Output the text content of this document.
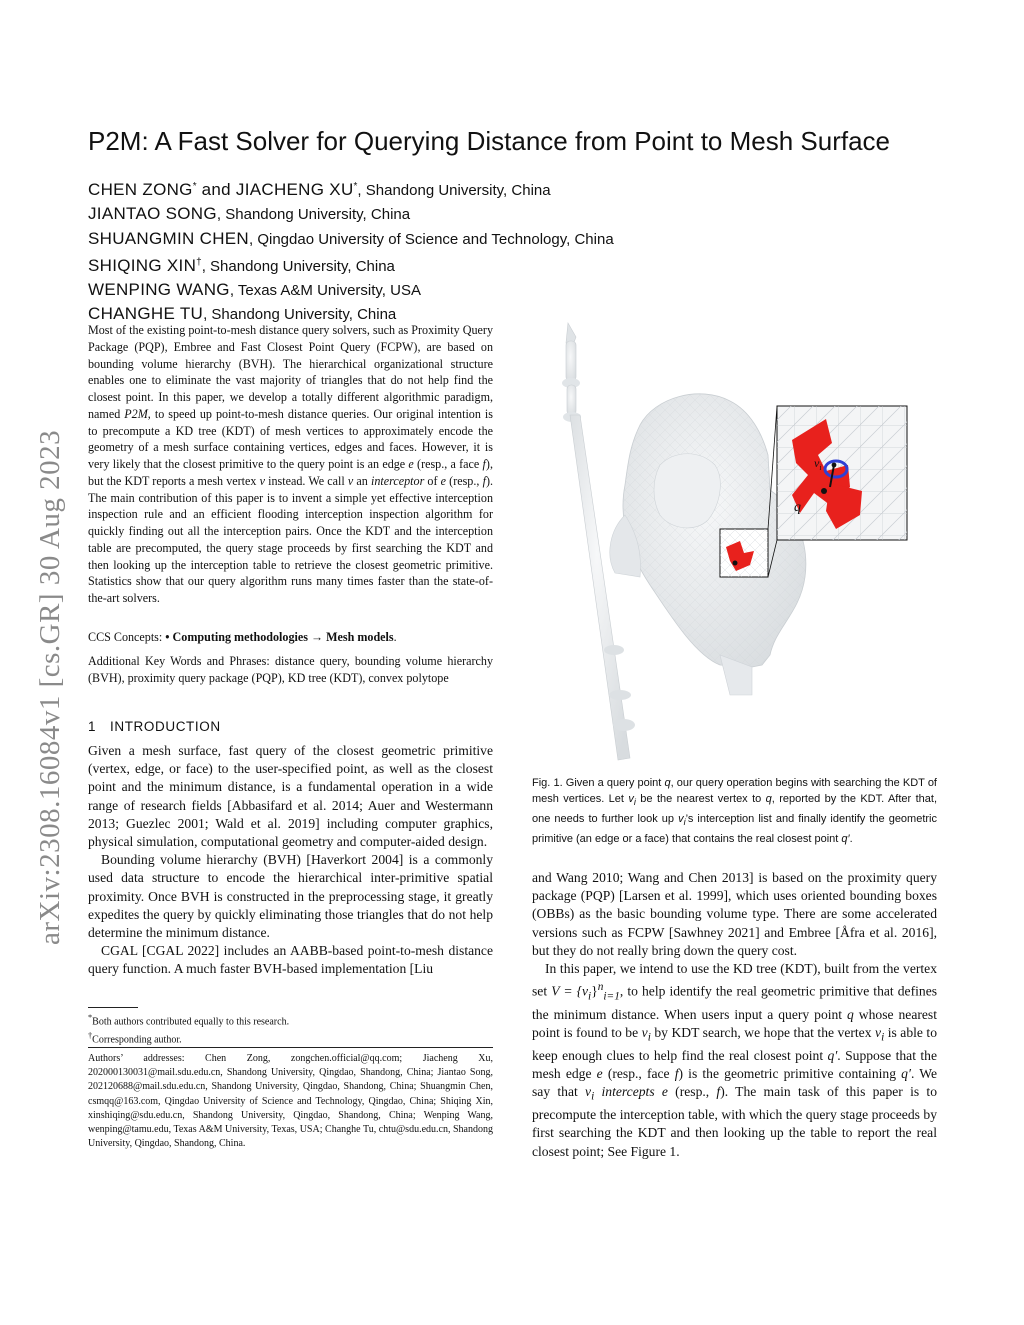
arXiv:2308.16084v1 [cs.GR] 30 Aug 2023
P2M: A Fast Solver for Querying Distance from Point to Mesh Surface
CHEN ZONG* and JIACHENG XU*, Shandong University, China
JIANTAO SONG, Shandong University, China
SHUANGMIN CHEN, Qingdao University of Science and Technology, China
SHIQING XIN†, Shandong University, China
WENPING WANG, Texas A&M University, USA
CHANGHE TU, Shandong University, China
Most of the existing point-to-mesh distance query solvers, such as Proximity Query Package (PQP), Embree and Fast Closest Point Query (FCPW), are based on bounding volume hierarchy (BVH). The hierarchical organizational structure enables one to eliminate the vast majority of triangles that do not help find the closest point. In this paper, we develop a totally different algorithmic paradigm, named P2M, to speed up point-to-mesh distance queries. Our original intention is to precompute a KD tree (KDT) of mesh vertices to approximately encode the geometry of a mesh surface containing vertices, edges and faces. However, it is very likely that the closest primitive to the query point is an edge e (resp., a face f), but the KDT reports a mesh vertex v instead. We call v an interceptor of e (resp., f). The main contribution of this paper is to invent a simple yet effective interception inspection rule and an efficient flooding interception inspection algorithm for quickly finding out all the interception pairs. Once the KDT and the interception table are precomputed, the query stage proceeds by first searching the KDT and then looking up the interception table to retrieve the closest geometric primitive. Statistics show that our query algorithm runs many times faster than the state-of-the-art solvers.
CCS Concepts: • Computing methodologies → Mesh models.
Additional Key Words and Phrases: distance query, bounding volume hierarchy (BVH), proximity query package (PQP), KD tree (KDT), convex polytope
1 INTRODUCTION

Given a mesh surface, fast query of the closest geometric primitive (vertex, edge, or face) to the user-specified point, as well as the closest point and the minimum distance, is a fundamental operation in a wide range of research fields [Abbasifard et al. 2014; Auer and Westermann 2013; Guezlec 2001; Wald et al. 2019] including computer graphics, physical simulation, computational geometry and computer-aided design.

Bounding volume hierarchy (BVH) [Haverkort 2004] is a commonly used data structure to encode the hierarchical inter-primitive spatial proximity. Once BVH is constructed in the preprocessing stage, it greatly expedites the query by quickly eliminating those triangles that do not help determine the minimum distance.

CGAL [CGAL 2022] includes an AABB-based point-to-mesh distance query function. A much faster BVH-based implementation [Liu

*Both authors contributed equally to this research.
†Corresponding author.
Authors’ addresses: Chen Zong, zongchen.official@qq.com; Jiacheng Xu, 202000130031@mail.sdu.edu.cn, Shandong University, Qingdao, Shandong, China; Jiantao Song, 202120688@mail.sdu.edu.cn, Shandong University, Qingdao, Shandong, China; Shuangmin Chen, csmqq@163.com, Qingdao University of Science and Technology, Qingdao, China; Shiqing Xin, xinshiqing@sdu.edu.cn, Shandong University, Qingdao, Shandong, China; Wenping Wang, wenping@tamu.edu, Texas A&M University, Texas, USA; Changhe Tu, chtu@sdu.edu.cn, Shandong University, Qingdao, Shandong, China.
$v_i$
q
Fig. 1. Given a query point q, our query operation begins with searching the KDT of mesh vertices. Let $v_i$ be the nearest vertex to q, reported by the KDT. After that, one needs to further look up $v_i’s$ interception list and finally identify the geometric primitive (an edge or a face) that contains the real closest point q′.

and Wang 2010; Wang and Chen 2013] is based on the proximity query package (PQP) [Larsen et al. 1999], which uses oriented bounding boxes (OBBs) as the basic bounding volume type. There are some accelerated versions such as FCPW [Sawhney 2021] and Embree [Åfra et al. 2016], but they do not really bring down the query cost.

In this paper, we intend to use the KD tree (KDT), built from the vertex set $V = \{v_i\}^n_{i=1}$, to help identify the real geometric primitive that defines the minimum distance. When users input a query point q whose nearest point is found to be $v_i$ by KDT search, we hope that the vertex $v_i$ is able to keep enough clues to help find the real closest point q′. Suppose that the mesh edge e (resp., face f) is the geometric primitive containing q′. We say that $v_i$ intercepts e (resp., f). The main task of this paper is to precompute the interception table, with which the query stage proceeds by first searching the KDT and then looking up the table to report the real closest point; See Figure 1.
